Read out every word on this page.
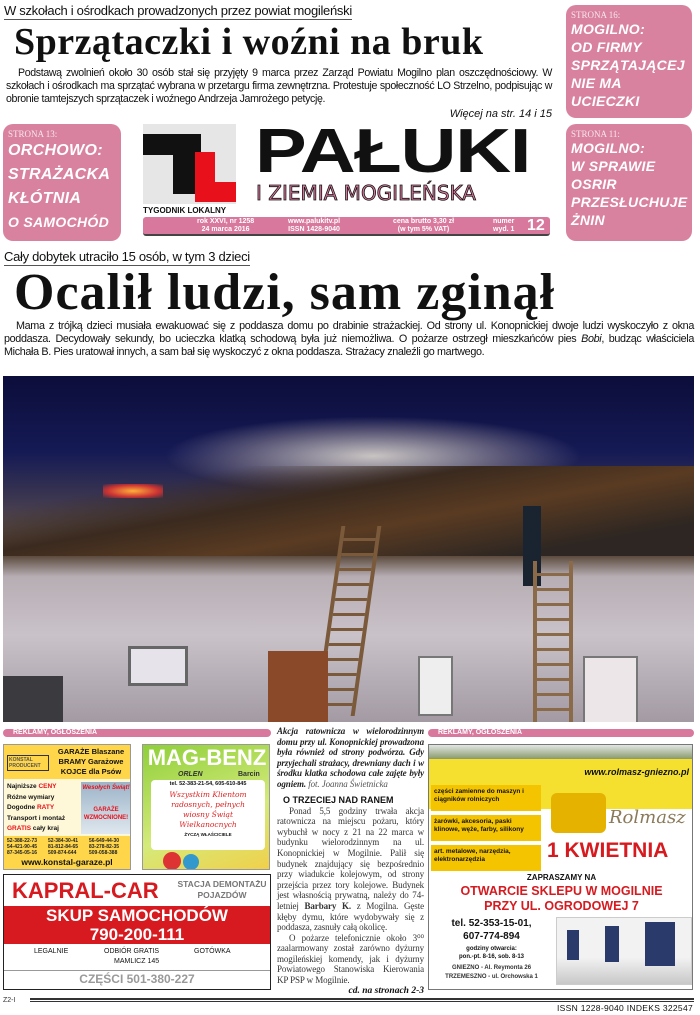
W szkołach i ośrodkach prowadzonych przez powiat mogileński
Sprzątaczki i woźni na bruk
Podstawą zwolnień około 30 osób stał się przyjęty 9 marca przez Zarząd Powiatu Mogilno plan oszczędnościowy. W szkołach i ośrodkach ma sprzątać wybrana w przetargu firma zewnętrzna. Protestuje społeczność LO Strzelno, podpisując w obronie tamtejszych sprzątaczek i woźnego Andrzeja Jamrożego petycję.
Więcej na str. 14 i 15
STRONA 16:
MOGILNO:
OD FIRMY
SPRZĄTAJĄCEJ
NIE MA
UCIECZKI
STRONA 13:
ORCHOWO:
STRAŻACKA
KŁÓTNIA
O SAMOCHÓD
STRONA 11:
MOGILNO:
W SPRAWIE
OSRIR
PRZESŁUCHUJE
ŻNIN
TYGODNIK LOKALNY
PAŁUKI
I ZIEMIA MOGILEŃSKA
rok XXVI, nr 1258
24 marca 2016
www.palukitv.pl
ISSN 1428-9040
cena brutto 3,30 zł
(w tym 5% VAT)
numer
wyd. 1 12
Cały dobytek utraciło 15 osób, w tym 3 dzieci
Ocalił ludzi, sam zginął
Mama z trójką dzieci musiała ewakuować się z poddasza domu po drabinie strażackiej. Od strony ul. Konopnickiej dwoje ludzi wyskoczyło z okna poddasza. Decydowały sekundy, bo ucieczka klatką schodową była już niemożliwa. O pożarze ostrzegł mieszkańców pies Bobi, budząc właściciela Michała B. Pies uratował innych, a sam bał się wyskoczyć z okna poddasza. Strażacy znaleźli go martwego.
REKLAMY, OGŁOSZENIA
KONSTAL PRODUCENT
GARAŻE Blaszane
BRAMY Garażowe
KOJCE dla Psów
Najniższe CENY
Różne wymiary
Dogodne RATY
Transport i montaż
GRATIS cały kraj
Wesołych Świąt!
GARAŻE WZMOCNIONE!
52-388-22-73	52-384-30-41	56-649-44-30
54-421-90-45	81-812-84-65	83-278-82-35
87-345-05-16	509-874-644	509-058-388
www.konstal-garaze.pl
MAG-BENZ
ORLEN	Barcin
tel. 52-383-21-54, 605-610-845
Wszystkim Klientom radosnych, pełnych wiosny Świąt Wielkanocnych
ŻYCZĄ WŁAŚCICIELE
KAPRAL-CAR STACJA DEMONTAŻU POJAZDÓW
SKUP SAMOCHODÓW
790-200-111
LEGALNIE	ODBIÓR GRATIS	GOTÓWKA
MAMLICZ 145
CZĘŚCI 501-380-227
Akcja ratownicza w wielorodzinnym domu przy ul. Konopnickiej prowadzona była również od strony podwórza. Gdy przyjechali strażacy, drewniany dach i w środku klatka schodowa całe zajęte były ogniem. fot. Joanna Świetnicka
O TRZECIEJ NAD RANEM
Ponad 5,5 godziny trwała akcja ratownicza na miejscu pożaru, który wybuchł w nocy z 21 na 22 marca w budynku wielorodzinnym na ul. Konopnickiej w Mogilnie. Palił się budynek znajdujący się bezpośrednio przy wiadukcie kolejowym, od strony przejścia przez tory kolejowe. Budynek jest własnością prywatną, należy do 74-letniej Barbary K. z Mogilna. Gęste kłęby dymu, które wydobywały się z poddasza, zasnuły całą okolicę.
O pożarze telefonicznie około 3⁰⁰ zaalarmowany został zarówno dyżurny mogileńskiej komendy, jak i dyżurny Powiatowego Stanowiska Kierowania KP PSP w Mogilnie.
cd. na stronach 2-3
REKLAMY, OGŁOSZENIA
www.rolmasz-gniezno.pl
części zamienne do maszyn i ciągników rolniczych
żarówki, akcesoria, paski klinowe, węże, farby, silikony
art. metalowe, narzędzia, elektronarzędzia
Rolmasz
1 KWIETNIA
ZAPRASZAMY NA
OTWARCIE SKLEPU W MOGILNIE
PRZY UL. OGRODOWEJ 7
tel. 52-353-15-01,
607-774-894
godziny otwarcia:
pon.-pt. 8-16, sob. 8-13
GNIEZNO - Al. Reymonta 26
TRZEMESZNO - ul. Orchowska 1
Z2-I
ISSN 1228-9040 INDEKS 322547
